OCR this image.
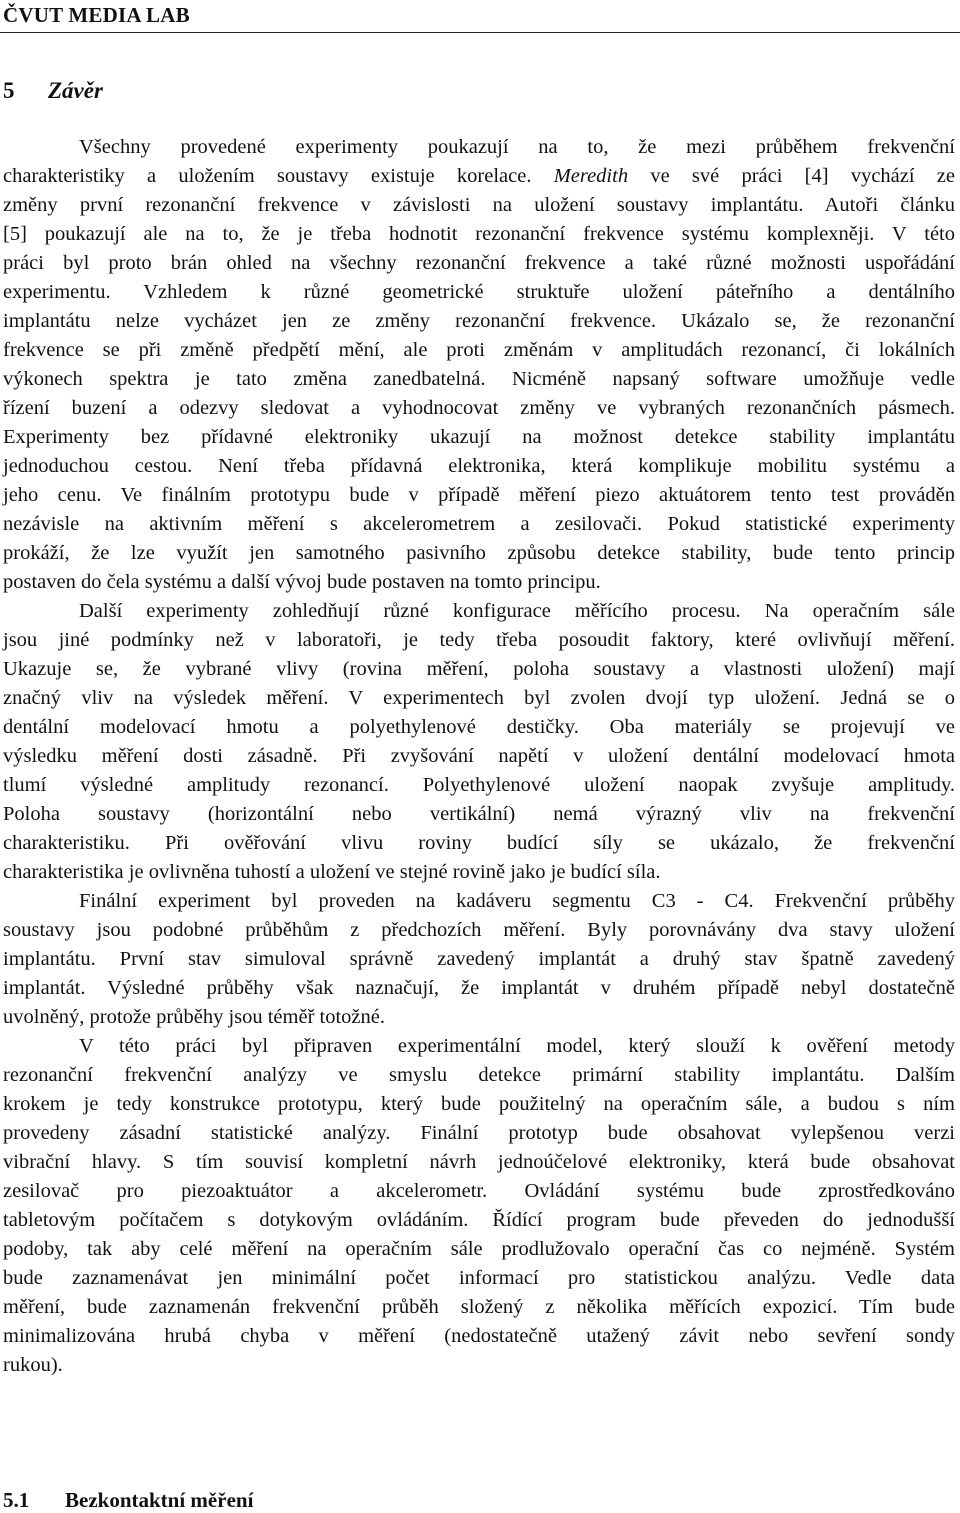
ČVUT MEDIA LAB
5 Závěr
Všechny provedené experimenty poukazují na to, že mezi průběhem frekvenční
charakteristiky a uložením soustavy existuje korelace. Meredith ve své práci [4] vychází ze
změny první rezonanční frekvence v závislosti na uložení soustavy implantátu. Autoři článku
[5] poukazují ale na to, že je třeba hodnotit rezonanční frekvence systému komplexněji. V této
práci byl proto brán ohled na všechny rezonanční frekvence a také různé možnosti uspořádání
experimentu. Vzhledem k různé geometrické struktuře uložení páteřního a dentálního
implantátu nelze vycházet jen ze změny rezonanční frekvence. Ukázalo se, že rezonanční
frekvence se při změně předpětí mění, ale proti změnám v amplitudách rezonancí, či lokálních
výkonech spektra je tato změna zanedbatelná. Nicméně napsaný software umožňuje vedle
řízení buzení a odezvy sledovat a vyhodnocovat změny ve vybraných rezonančních pásmech.
Experimenty bez přídavné elektroniky ukazují na možnost detekce stability implantátu
jednoduchou cestou. Není třeba přídavná elektronika, která komplikuje mobilitu systému a
jeho cenu. Ve finálním prototypu bude v případě měření piezo aktuátorem tento test prováděn
nezávisle na aktivním měření s akcelerometrem a zesilovači. Pokud statistické experimenty
prokáží, že lze využít jen samotného pasivního způsobu detekce stability, bude tento princip
postaven do čela systému a další vývoj bude postaven na tomto principu.
Další experimenty zohledňují různé konfigurace měřícího procesu. Na operačním sále
jsou jiné podmínky než v laboratoři, je tedy třeba posoudit faktory, které ovlivňují měření.
Ukazuje se, že vybrané vlivy (rovina měření, poloha soustavy a vlastnosti uložení) mají
značný vliv na výsledek měření. V experimentech byl zvolen dvojí typ uložení. Jedná se o
dentální modelovací hmotu a polyethylenové destičky. Oba materiály se projevují ve
výsledku měření dosti zásadně. Při zvyšování napětí v uložení dentální modelovací hmota
tlumí výsledné amplitudy rezonancí. Polyethylenové uložení naopak zvyšuje amplitudy.
Poloha soustavy (horizontální nebo vertikální) nemá výrazný vliv na frekvenční
charakteristiku. Při ověřování vlivu roviny budící síly se ukázalo, že frekvenční
charakteristika je ovlivněna tuhostí a uložení ve stejné rovině jako je budící síla.
Finální experiment byl proveden na kadáveru segmentu C3 - C4. Frekvenční průběhy
soustavy jsou podobné průběhům z předchozích měření. Byly porovnávány dva stavy uložení
implantátu. První stav simuloval správně zavedený implantát a druhý stav špatně zavedený
implantát. Výsledné průběhy však naznačují, že implantát v druhém případě nebyl dostatečně
uvolněný, protože průběhy jsou téměř totožné.
V této práci byl připraven experimentální model, který slouží k ověření metody
rezonanční frekvenční analýzy ve smyslu detekce primární stability implantátu. Dalším
krokem je tedy konstrukce prototypu, který bude použitelný na operačním sále, a budou s ním
provedeny zásadní statistické analýzy. Finální prototyp bude obsahovat vylepšenou verzi
vibrační hlavy. S tím souvisí kompletní návrh jednoúčelové elektroniky, která bude obsahovat
zesilovač pro piezoaktuátor a akcelerometr. Ovládání systému bude zprostředkováno
tabletovým počítačem s dotykovým ovládáním. Řídící program bude převeden do jednodušší
podoby, tak aby celé měření na operačním sále prodlužovalo operační čas co nejméně. Systém
bude zaznamenávat jen minimální počet informací pro statistickou analýzu. Vedle data
měření, bude zaznamenán frekvenční průběh složený z několika měřících expozicí. Tím bude
minimalizována hrubá chyba v měření (nedostatečně utažený závit nebo sevření sondy
rukou).
5.1 Bezkontaktní měření
